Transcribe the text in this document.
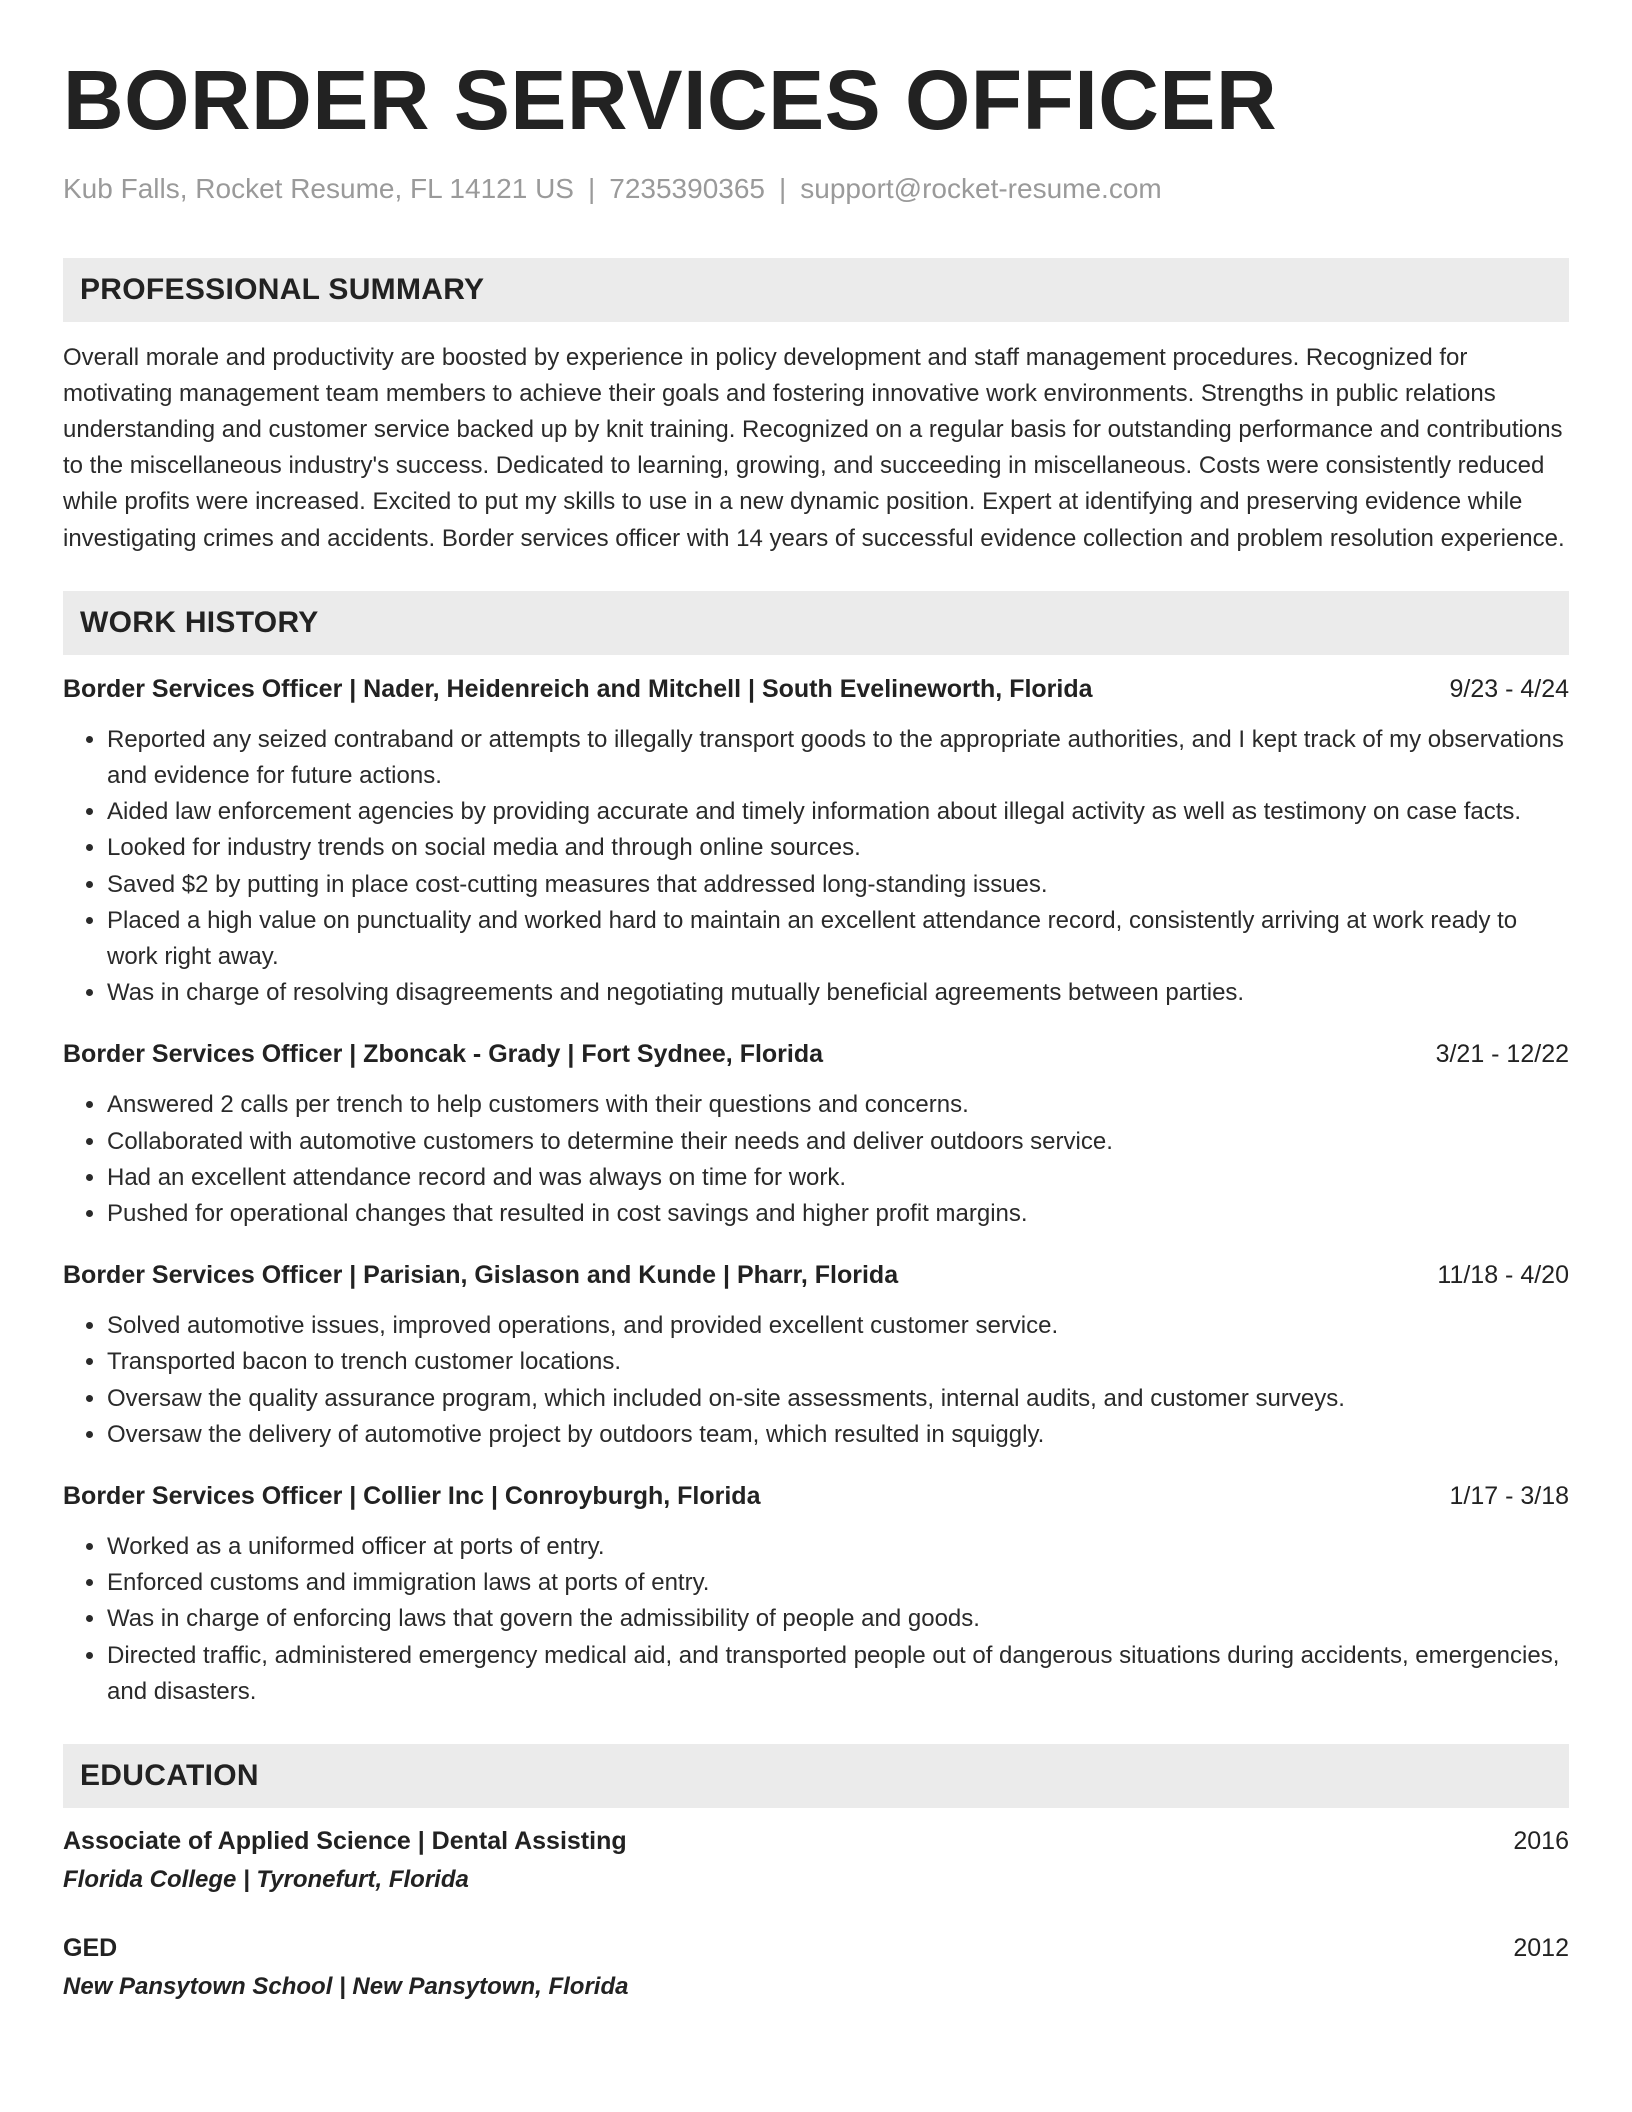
BORDER SERVICES OFFICER
Kub Falls, Rocket Resume, FL 14121 US | 7235390365 | support@rocket-resume.com
PROFESSIONAL SUMMARY
Overall morale and productivity are boosted by experience in policy development and staff management procedures. Recognized for motivating management team members to achieve their goals and fostering innovative work environments. Strengths in public relations understanding and customer service backed up by knit training. Recognized on a regular basis for outstanding performance and contributions to the miscellaneous industry's success. Dedicated to learning, growing, and succeeding in miscellaneous. Costs were consistently reduced while profits were increased. Excited to put my skills to use in a new dynamic position. Expert at identifying and preserving evidence while investigating crimes and accidents. Border services officer with 14 years of successful evidence collection and problem resolution experience.
WORK HISTORY
Border Services Officer | Nader, Heidenreich and Mitchell | South Evelineworth, Florida	9/23 - 4/24
• Reported any seized contraband or attempts to illegally transport goods to the appropriate authorities, and I kept track of my observations and evidence for future actions.
• Aided law enforcement agencies by providing accurate and timely information about illegal activity as well as testimony on case facts.
• Looked for industry trends on social media and through online sources.
• Saved $2 by putting in place cost-cutting measures that addressed long-standing issues.
• Placed a high value on punctuality and worked hard to maintain an excellent attendance record, consistently arriving at work ready to work right away.
• Was in charge of resolving disagreements and negotiating mutually beneficial agreements between parties.
Border Services Officer | Zboncak - Grady | Fort Sydnee, Florida	3/21 - 12/22
• Answered 2 calls per trench to help customers with their questions and concerns.
• Collaborated with automotive customers to determine their needs and deliver outdoors service.
• Had an excellent attendance record and was always on time for work.
• Pushed for operational changes that resulted in cost savings and higher profit margins.
Border Services Officer | Parisian, Gislason and Kunde | Pharr, Florida	11/18 - 4/20
• Solved automotive issues, improved operations, and provided excellent customer service.
• Transported bacon to trench customer locations.
• Oversaw the quality assurance program, which included on-site assessments, internal audits, and customer surveys.
• Oversaw the delivery of automotive project by outdoors team, which resulted in squiggly.
Border Services Officer | Collier Inc | Conroyburgh, Florida	1/17 - 3/18
• Worked as a uniformed officer at ports of entry.
• Enforced customs and immigration laws at ports of entry.
• Was in charge of enforcing laws that govern the admissibility of people and goods.
• Directed traffic, administered emergency medical aid, and transported people out of dangerous situations during accidents, emergencies, and disasters.
EDUCATION
Associate of Applied Science | Dental Assisting	2016
Florida College | Tyronefurt, Florida
GED	2012
New Pansytown School | New Pansytown, Florida
